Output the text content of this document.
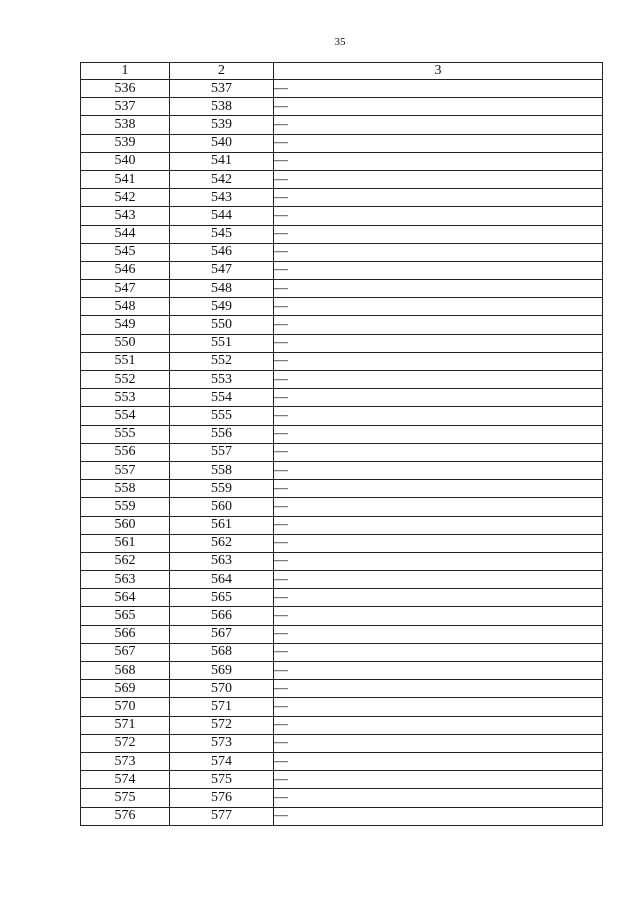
35
1	2	3
536	537	—
537	538	—
538	539	—
539	540	—
540	541	—
541	542	—
542	543	—
543	544	—
544	545	—
545	546	—
546	547	—
547	548	—
548	549	—
549	550	—
550	551	—
551	552	—
552	553	—
553	554	—
554	555	—
555	556	—
556	557	—
557	558	—
558	559	—
559	560	—
560	561	—
561	562	—
562	563	—
563	564	—
564	565	—
565	566	—
566	567	—
567	568	—
568	569	—
569	570	—
570	571	—
571	572	—
572	573	—
573	574	—
574	575	—
575	576	—
576	577	—
